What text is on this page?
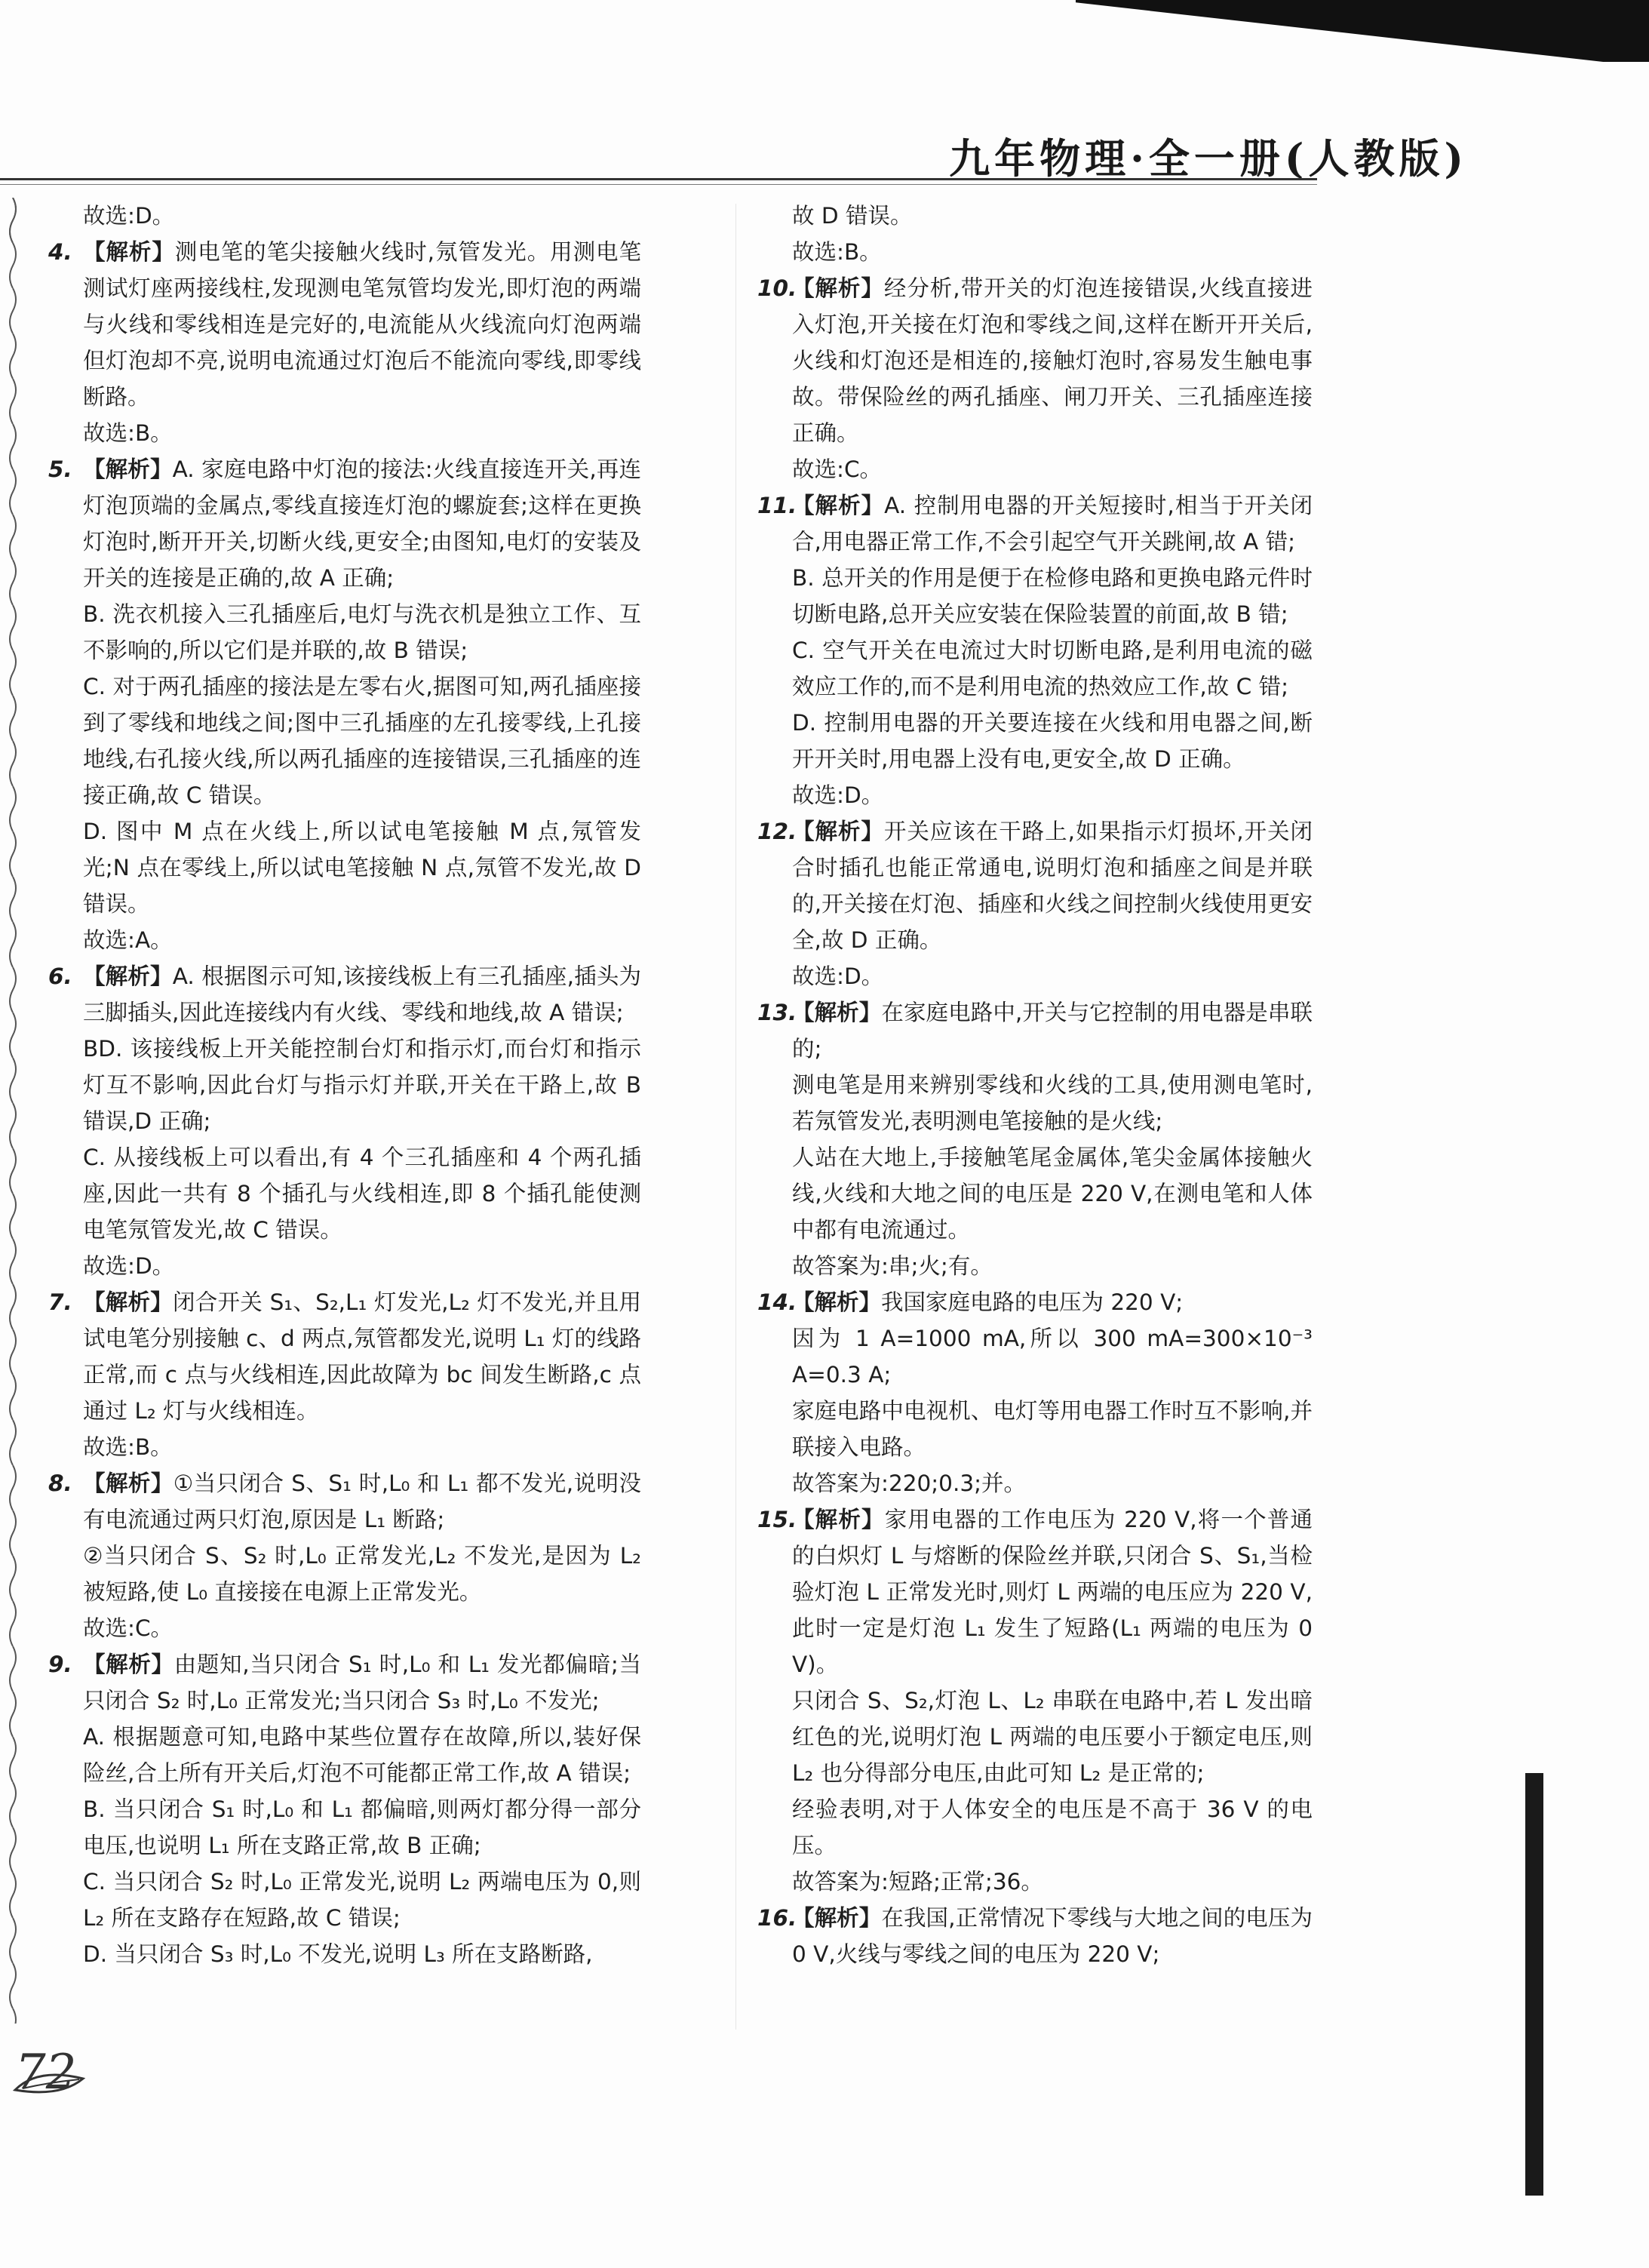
九年物理·全一册(人教版)
故选:D。
4. 【解析】测电笔的笔尖接触火线时,氖管发光。用测电笔测试灯座两接线柱,发现测电笔氖管均发光,即灯泡的两端与火线和零线相连是完好的,电流能从火线流向灯泡两端但灯泡却不亮,说明电流通过灯泡后不能流向零线,即零线断路。
故选:B。
5. 【解析】A. 家庭电路中灯泡的接法:火线直接连开关,再连灯泡顶端的金属点,零线直接连灯泡的螺旋套;这样在更换灯泡时,断开开关,切断火线,更安全;由图知,电灯的安装及开关的连接是正确的,故 A 正确;
B. 洗衣机接入三孔插座后,电灯与洗衣机是独立工作、互不影响的,所以它们是并联的,故 B 错误;
C. 对于两孔插座的接法是左零右火,据图可知,两孔插座接到了零线和地线之间;图中三孔插座的左孔接零线,上孔接地线,右孔接火线,所以两孔插座的连接错误,三孔插座的连接正确,故 C 错误。
D. 图中 M 点在火线上,所以试电笔接触 M 点,氖管发光;N 点在零线上,所以试电笔接触 N 点,氖管不发光,故 D 错误。
故选:A。
6. 【解析】A. 根据图示可知,该接线板上有三孔插座,插头为三脚插头,因此连接线内有火线、零线和地线,故 A 错误;
BD. 该接线板上开关能控制台灯和指示灯,而台灯和指示灯互不影响,因此台灯与指示灯并联,开关在干路上,故 B 错误,D 正确;
C. 从接线板上可以看出,有 4 个三孔插座和 4 个两孔插座,因此一共有 8 个插孔与火线相连,即 8 个插孔能使测电笔氖管发光,故 C 错误。
故选:D。
7. 【解析】闭合开关 S₁、S₂,L₁ 灯发光,L₂ 灯不发光,并且用试电笔分别接触 c、d 两点,氖管都发光,说明 L₁ 灯的线路正常,而 c 点与火线相连,因此故障为 bc 间发生断路,c 点通过 L₂ 灯与火线相连。
故选:B。
8. 【解析】①当只闭合 S、S₁ 时,L₀ 和 L₁ 都不发光,说明没有电流通过两只灯泡,原因是 L₁ 断路;
②当只闭合 S、S₂ 时,L₀ 正常发光,L₂ 不发光,是因为 L₂ 被短路,使 L₀ 直接接在电源上正常发光。
故选:C。
9. 【解析】由题知,当只闭合 S₁ 时,L₀ 和 L₁ 发光都偏暗;当只闭合 S₂ 时,L₀ 正常发光;当只闭合 S₃ 时,L₀ 不发光;
A. 根据题意可知,电路中某些位置存在故障,所以,装好保险丝,合上所有开关后,灯泡不可能都正常工作,故 A 错误;
B. 当只闭合 S₁ 时,L₀ 和 L₁ 都偏暗,则两灯都分得一部分电压,也说明 L₁ 所在支路正常,故 B 正确;
C. 当只闭合 S₂ 时,L₀ 正常发光,说明 L₂ 两端电压为 0,则 L₂ 所在支路存在短路,故 C 错误;
D. 当只闭合 S₃ 时,L₀ 不发光,说明 L₃ 所在支路断路,
故 D 错误。
故选:B。
10.
【解析】经分析,带开关的灯泡连接错误,火线直接进入灯泡,开关接在灯泡和零线之间,这样在断开开关后,火线和灯泡还是相连的,接触灯泡时,容易发生触电事故。带保险丝的两孔插座、闸刀开关、三孔插座连接正确。
故选:C。
11.
【解析】A. 控制用电器的开关短接时,相当于开关闭合,用电器正常工作,不会引起空气开关跳闸,故 A 错;
B. 总开关的作用是便于在检修电路和更换电路元件时切断电路,总开关应安装在保险装置的前面,故 B 错;
C. 空气开关在电流过大时切断电路,是利用电流的磁效应工作的,而不是利用电流的热效应工作,故 C 错;
D. 控制用电器的开关要连接在火线和用电器之间,断开开关时,用电器上没有电,更安全,故 D 正确。
故选:D。
12.
【解析】开关应该在干路上,如果指示灯损坏,开关闭合时插孔也能正常通电,说明灯泡和插座之间是并联的,开关接在灯泡、插座和火线之间控制火线使用更安全,故 D 正确。
故选:D。
13.
【解析】在家庭电路中,开关与它控制的用电器是串联的;
测电笔是用来辨别零线和火线的工具,使用测电笔时,若氖管发光,表明测电笔接触的是火线;
人站在大地上,手接触笔尾金属体,笔尖金属体接触火线,火线和大地之间的电压是 220 V,在测电笔和人体中都有电流通过。
故答案为:串;火;有。
14.
【解析】我国家庭电路的电压为 220 V;
因为 1 A=1000 mA,所以 300 mA=300×10⁻³ A=0.3 A;
家庭电路中电视机、电灯等用电器工作时互不影响,并联接入电路。
故答案为:220;0.3;并。
15.
【解析】家用电器的工作电压为 220 V,将一个普通的白炽灯 L 与熔断的保险丝并联,只闭合 S、S₁,当检验灯泡 L 正常发光时,则灯 L 两端的电压应为 220 V,此时一定是灯泡 L₁ 发生了短路(L₁ 两端的电压为 0 V)。
只闭合 S、S₂,灯泡 L、L₂ 串联在电路中,若 L 发出暗红色的光,说明灯泡 L 两端的电压要小于额定电压,则 L₂ 也分得部分电压,由此可知 L₂ 是正常的;
经验表明,对于人体安全的电压是不高于 36 V 的电压。
故答案为:短路;正常;36。
16.
【解析】在我国,正常情况下零线与大地之间的电压为 0 V,火线与零线之间的电压为 220 V;
72
